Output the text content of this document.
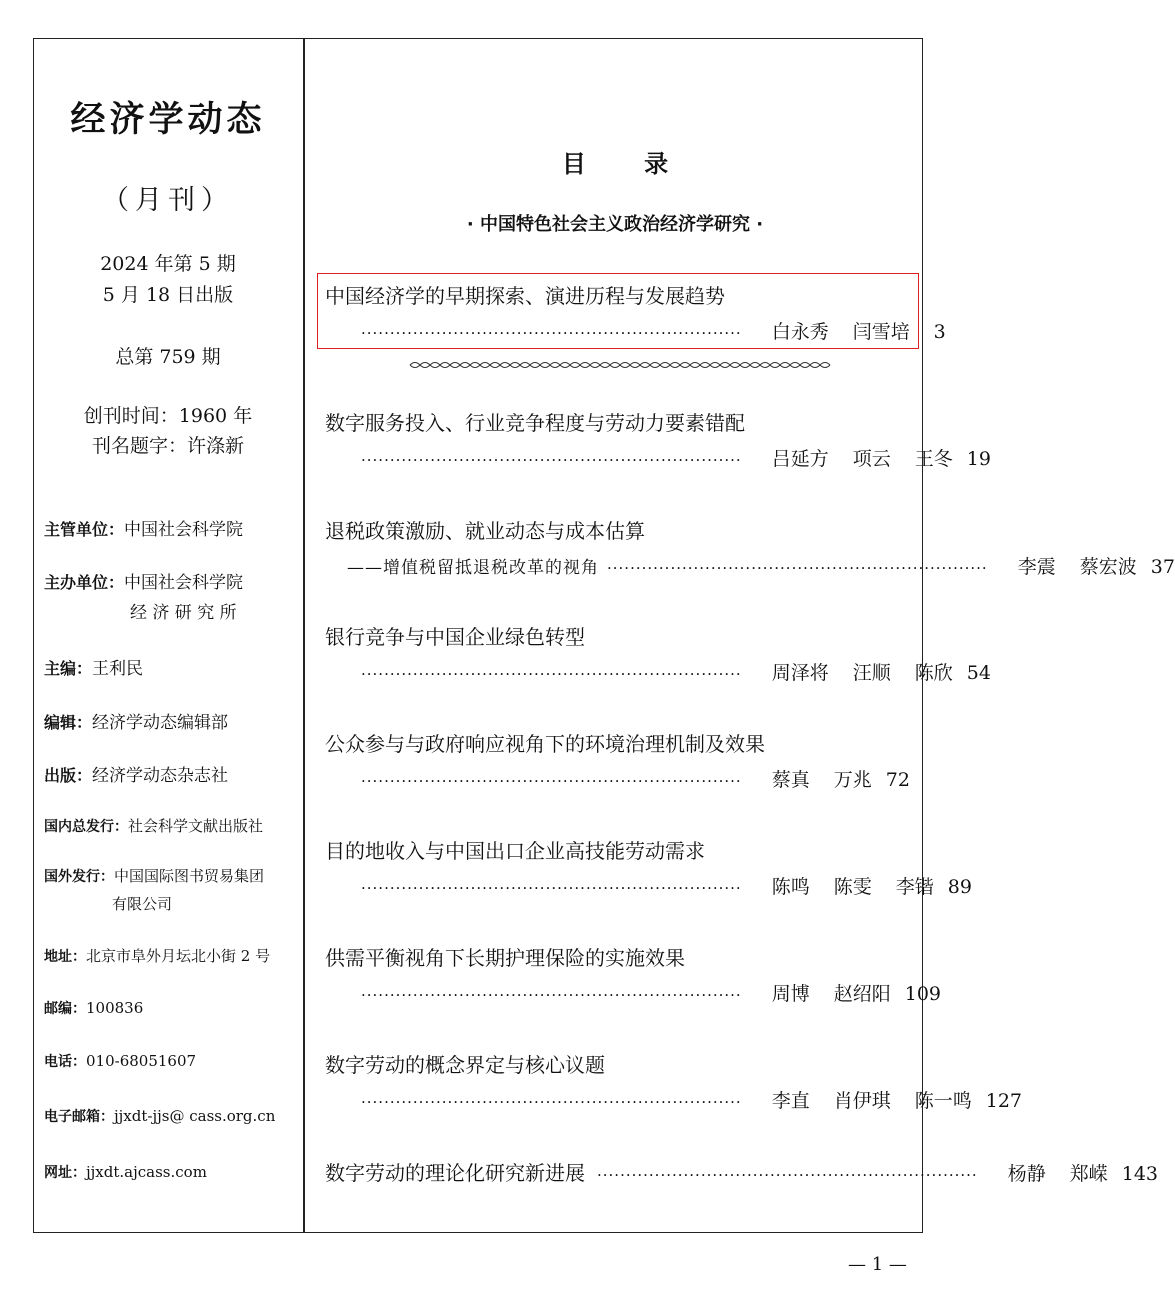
经济学动态
（月刊）
2024 年第 5 期
5 月 18 日出版
总第 759 期
创刊时间：1960 年
刊名题字：许涤新
主管单位：中国社会科学院
主办单位：中国社会科学院
经 济 研 究 所
主编：王利民
编辑：经济学动态编辑部
出版：经济学动态杂志社
国内总发行：社会科学文献出版社
国外发行：中国国际图书贸易集团
有限公司
地址：北京市阜外月坛北小街 2 号
邮编：100836
电话：010-68051607
电子邮箱：jjxdt-jjs@ cass.org.cn
网址：jjxdt.ajcass.com
目 录
· 中国特色社会主义政治经济学研究 ·
中国经济学的早期探索、演进历程与发展趋势
·································································· 白永秀 闫雪培	3
数字服务投入、行业竞争程度与劳动力要素错配
·································································· 吕延方 项云 王冬 19
退税政策激励、就业动态与成本估算
——增值税留抵退税改革的视角 ·································································· 李震 蔡宏波 37
银行竞争与中国企业绿色转型
·································································· 周泽将 汪顺 陈欣 54
公众参与与政府响应视角下的环境治理机制及效果
·································································· 蔡真 万兆 72
目的地收入与中国出口企业高技能劳动需求
·································································· 陈鸣 陈雯 李锴 89
供需平衡视角下长期护理保险的实施效果
·································································· 周博 赵绍阳 109
数字劳动的概念界定与核心议题
·································································· 李直 肖伊琪 陈一鸣 127
数字劳动的理论化研究新进展 ·································································· 杨静 郑嵘 143
— 1 —
